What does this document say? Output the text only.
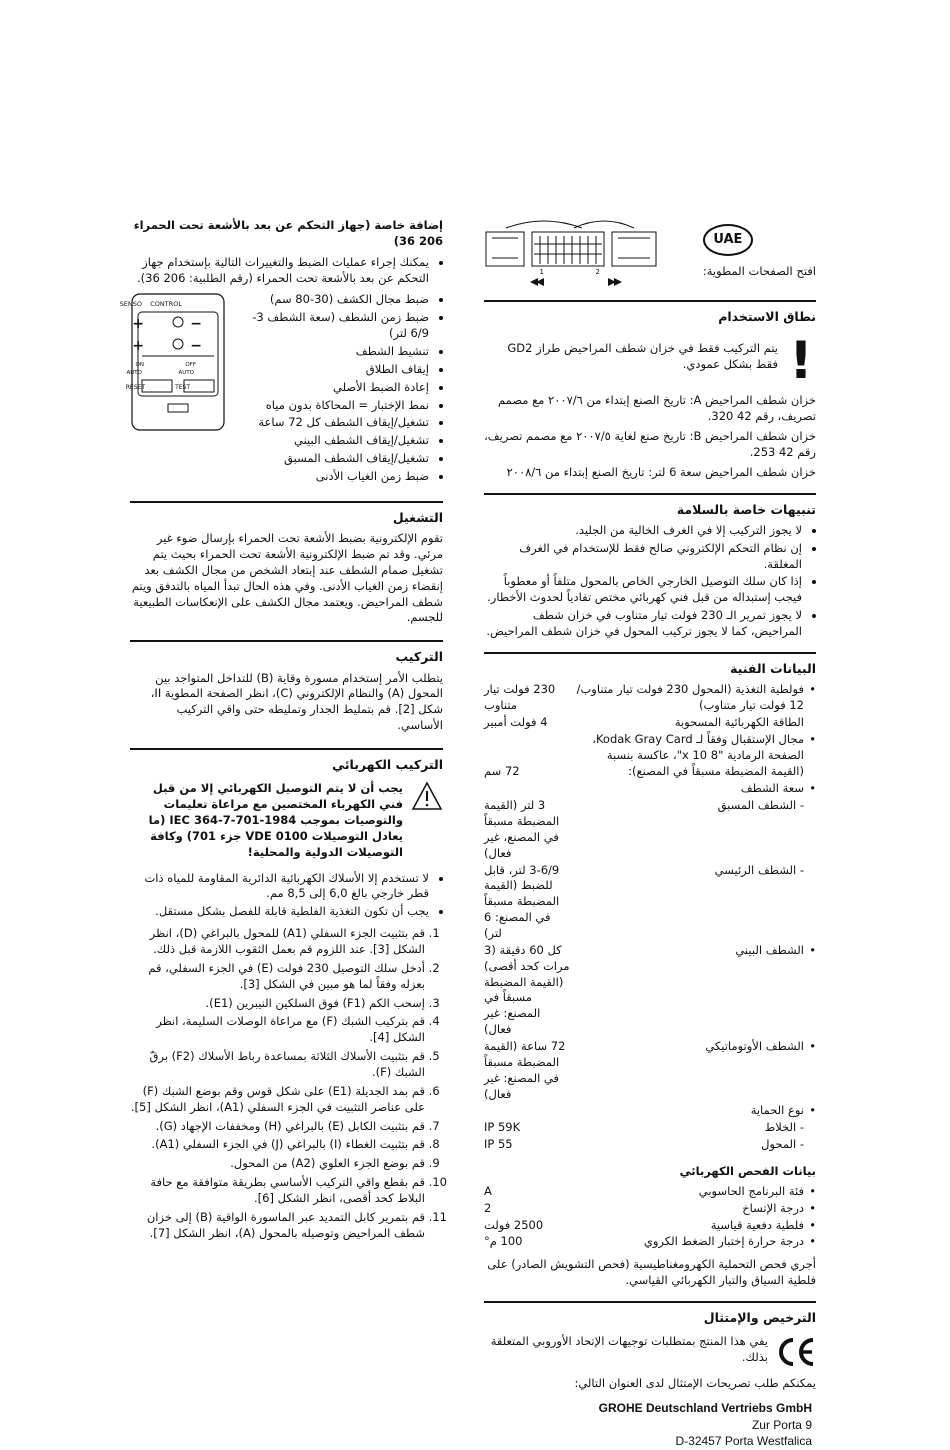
UAE
افتح الصفحات المطوية:
1	2
نطاق الاستخدام
!

يتم التركيب فقط في خزان شطف المراحيض طراز GD2 فقط بشكل عمودي.

خزان شطف المراحيض A: تاريخ الصنع إبتداء من ٢٠٠٧/٦ مع مصمم تصريف، رقم 42 320.

خزان شطف المراحيض B: تاريخ صنع لغاية ٢٠٠٧/٥ مع مصمم تصريف، رقم 42 253.

خزان شطف المراحيض سعة 6 لتر: تاريخ الصنع إبتداء من ٢٠٠٨/٦

تنبيهات خاصة بالسلامة
• لا يجوز التركيب إلا في الغرف الخالية من الجليد.
• إن نظام التحكم الإلكتروني صالح فقط للإستخدام في الغرف المغلقة.
• إذا كان سلك التوصيل الخارجي الخاص بالمحول متلفاً أو معطوباً فيجب إستبداله من قبل فني كهربائي مختص تفادياً لحدوث الأخطار.
• لا يجوز تمرير الـ 230 فولت تيار متناوب في خزان شطف المراحيض، كما لا يجوز تركيب المحول في خزان شطف المراحيض.
البيانات الفنية
•	فولطية التغذية (المحول 230 فولت تيار متناوب/ 12 فولت تيار متناوب)	230 فولت تيار متناوب
	الطاقة الكهربائية المسحوبة	4 فولت أمبير
•	مجال الإستقبال وفقاً لـ Kodak Gray Card، الصفحة الرمادية "8 x 10"، عاكسة بنسبة	
	(القيمة المضبطة مسبقاً في المصنع):	72 سم
•	سعة الشطف	
	- الشطف المسبق	3 لتر (القيمة المضبطة مسبقاً في المصنع، غير فعال)
	- الشطف الرئيسي	3-6/9 لتر، قابل للضبط (القيمة المضبطة مسبقاً في المصنع: 6 لتر)
•	الشطف البيني	كل 60 دقيقة (3 مرات كحد أقصى) (القيمة المضبطة مسبقاً في المصنع: غير فعال)
•	الشطف الأوتوماتيكي	72 ساعة (القيمة المضبطة مسبقاً في المصنع: غير فعال)
•	نوع الحماية	
	- الخلاط	IP 59K
	- المحول	IP 55
بيانات الفحص الكهربائي
•	فئة البرنامج الحاسوبي	A
•	درجة الإتساخ	2
•	فلطية دفعية قياسية	2500 فولت
•	درجة حرارة إختبار الضغط الكروي	100 م°

أجري فحص التحملية الكهرومغناطيسية (فحص التشويش الصادر) على فلطية السياق والتيار الكهربائي القياسي.

الترخيص والإمتثال

يفي هذا المنتج بمتطلبات توجيهات الإتحاد الأوروبي المتعلقة بذلك.

يمكنكم طلب تصريحات الإمتثال لدى العنوان التالي:

GROHE Deutschland Vertriebs GmbH
Zur Porta 9
D-32457 Porta Westfalica
إضافة خاصة (جهاز التحكم عن بعد بالأشعة تحت الحمراء 206 36)
• يمكنك إجراء عمليات الضبط والتغييرات التالية بإستخدام جهاز التحكم عن بعد بالأشعة تحت الحمراء (رقم الطلبية: 206 36).
• ضبط مجال الكشف (30-80 سم)
• ضبط زمن الشطف (سعة الشطف 3-6/9 لتر)
• تنشيط الشطف
• إيقاف الطلاق
• إعادة الضبط الأصلي
• نمط الإختبار = المحاكاة بدون مياه
• تشغيل/إيقاف الشطف كل 72 ساعة
• تشغيل/إيقاف الشطف البيني
• تشغيل/إيقاف الشطف المسبق
• ضبط زمن الغياب الأدنى
SENSO CONTROL
+	−
+	−
ON	OFF
AUTO	AUTO
RESET	TEST
التشغيل

تقوم الإلكترونية بضبط الأشعة تحت الحمراء بإرسال ضوء غير مرئي. وقد تم ضبط الإلكترونية الأشعة تحت الحمراء بحيث يتم تشغيل صمام الشطف عند إبتعاد الشخص من مجال الكشف بعد إنقضاء زمن الغياب الأدنى. وفي هذه الحال تبدأ المياه بالتدفق ويتم شطف المراحيض. ويعتمد مجال الكشف على الإنعكاسات الطبيعية للجسم.

التركيب

يتطلب الأمر إستخدام مسورة وقاية (B) للتداخل المتواجد بين المحول (A) والنظام الإلكتروني (C)، انظر الصفحة المطوية II، شكل [2]. قم بتمليط الجدار وتمليطه حتى واقي التركيب الأساسي.

التركيب الكهربائي

يجب أن لا يتم التوصيل الكهربائي إلا من قبل فني الكهرباء المختصين مع مراعاة تعليمات والتوصيات بموجب IEC 364-7-701-1984 (ما يعادل التوصيلات VDE 0100 جزء 701) وكافة التوصيلات الدولية والمحلية!

• لا تستخدم إلا الأسلاك الكهربائية الدائرية المقاومة للمياه ذات قطر خارجي بالغ 6,0 إلى 8,5 مم.
• يجب أن تكون التغذية الفلطية قابلة للفصل بشكل مستقل.
1. قم بتثبيت الجزء السفلي (A1) للمحول بالبراغي (D)، انظر الشكل [3]. عند اللزوم قم بعمل الثقوب اللازمة قبل ذلك.
2. أدخل سلك التوصيل 230 فولت (E) في الجزء السفلي، قم بعزله وفقاً لما هو مبين في الشكل [3].
3. إسحب الكم (F1) فوق السلكين النيبرين (E1).
4. قم بتركيب الشبك (F) مع مراعاة الوصلات السليمة، انظر الشكل [4].
5. قم بتثبيت الأسلاك الثلاثة بمساعدة رباط الأسلاك (F2) برقّ الشبك (F).
6. قم بمد الجديلة (E1) على شكل قوس وقم بوضع الشبك (F) على عناصر التثبيت في الجزء السفلي (A1)، انظر الشكل [5].
7. قم بتثبيت الكابل (E) بالبراغي (H) ومخففات الإجهاد (G).
8. قم بتثبيت الغطاء (I) بالبراغي (J) في الجزء السفلي (A1).
9. قم بوضع الجزء العلوي (A2) من المحول.
10. قم بقطع واقي التركيب الأساسي بطريقة متوافقة مع حافة البلاط كحد أقصى، انظر الشكل [6].
11. قم بتمرير كابل التمديد عبر الماسورة الواقية (B) إلى خزان شطف المراحيض وتوصيله بالمحول (A)، انظر الشكل [7].
